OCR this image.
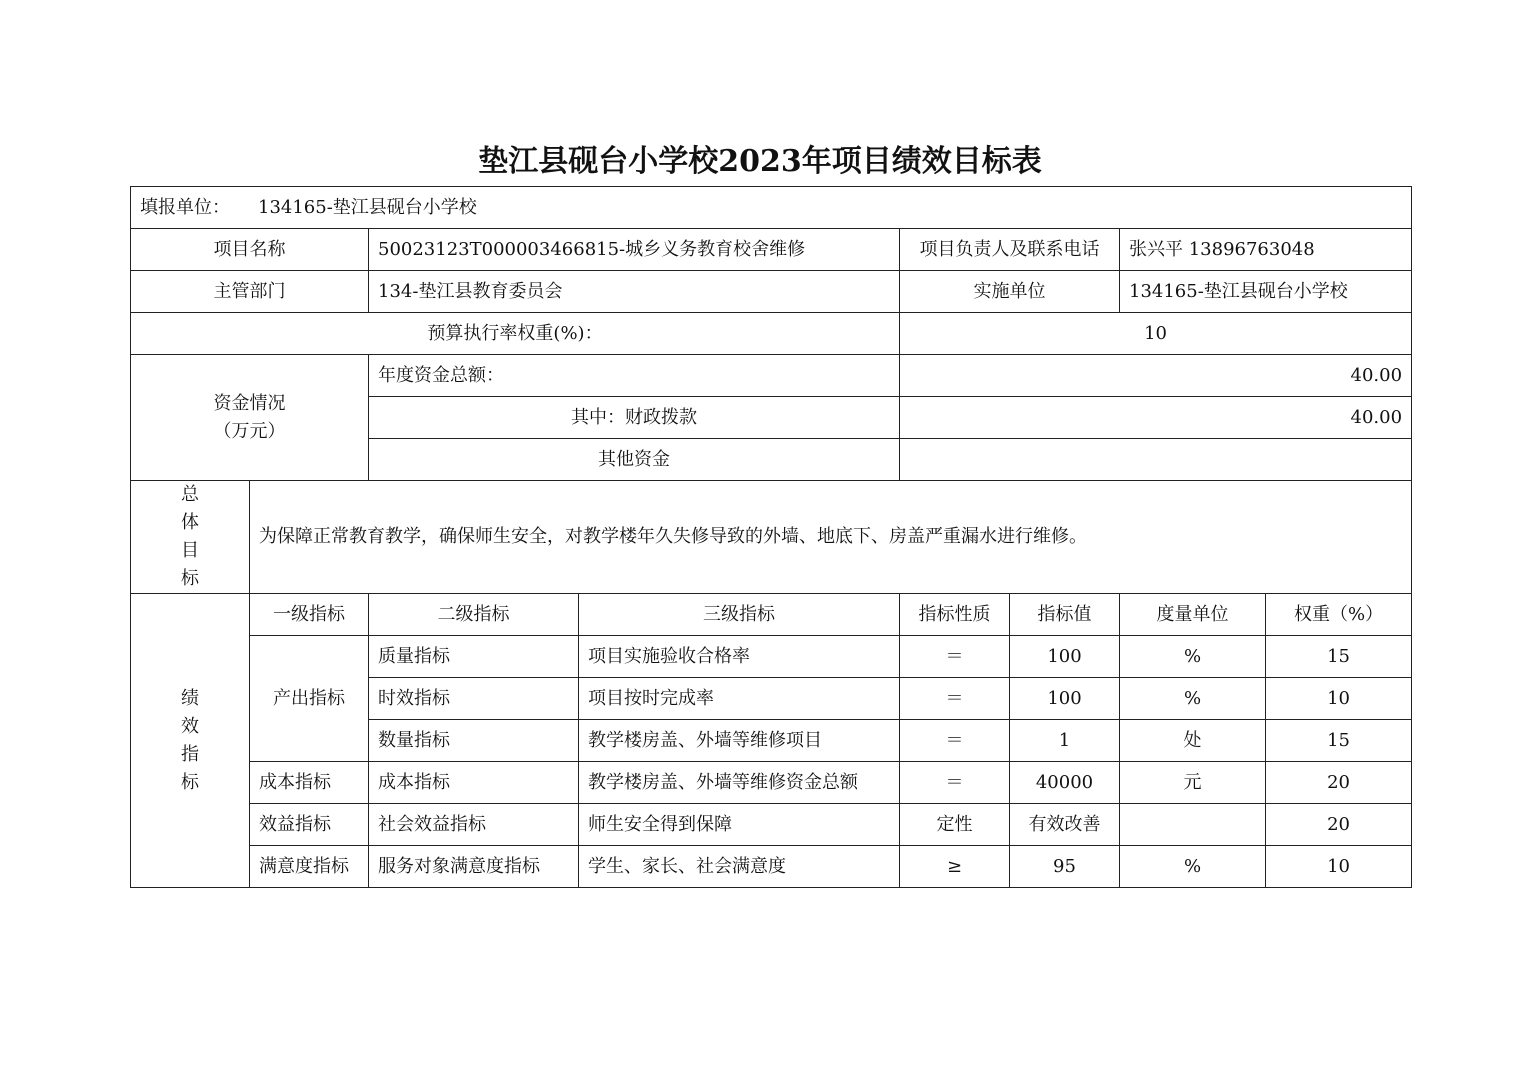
垫江县砚台小学校2023年项目绩效目标表
填报单位： 134165-垫江县砚台小学校							
项目名称		50023123T000003466815-城乡义务教育校舍维修		项目负责人及联系电话		张兴平 13896763048	
主管部门		134-垫江县教育委员会		实施单位		134165-垫江县砚台小学校	
预算执行率权重(%)：				10			

资金情况
（万元）		年度资金总额：		40.00			
		其中：财政拨款		40.00			
		其他资金					

总体目标	为保障正常教育教学，确保师生安全，对教学楼年久失修导致的外墙、地底下、房盖严重漏水进行维修。						

绩效指标	一级指标	二级指标	三级指标	指标性质	指标值	度量单位	权重（%）
	产出指标	质量指标	项目实施验收合格率	＝	100	%	15
		时效指标	项目按时完成率	＝	100	%	10
		数量指标	教学楼房盖、外墙等维修项目	＝	1	处	15
	成本指标	成本指标	教学楼房盖、外墙等维修资金总额	＝	40000	元	20
	效益指标	社会效益指标	师生安全得到保障	定性	有效改善		20
	满意度指标	服务对象满意度指标	学生、家长、社会满意度	≥	95	%	10
